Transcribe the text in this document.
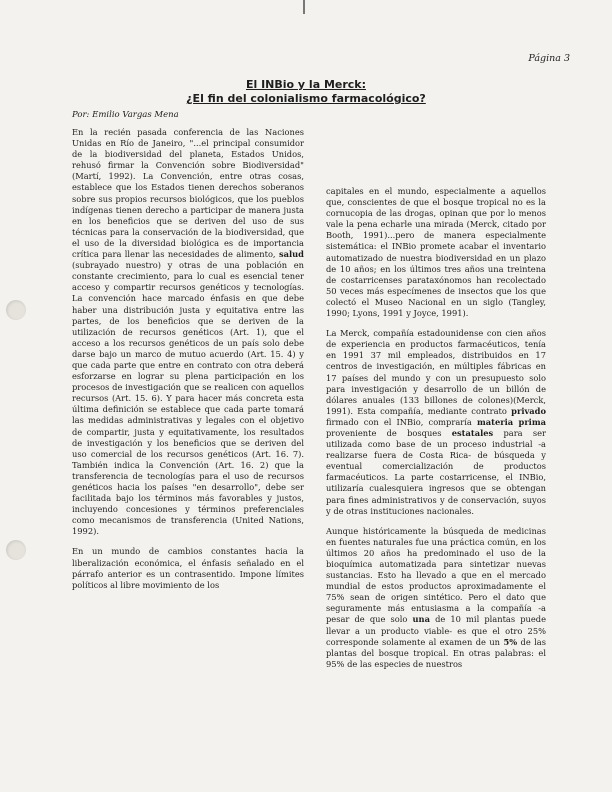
Página 3
El INBio y la Merck:
¿El fin del colonialismo farmacológico?
Por: Emilio Vargas Mena

En la recién pasada conferencia de las Naciones Unidas en Río de Janeiro, "...el principal consumidor de la biodiversidad del planeta, Estados Unidos, rehusó firmar la Convención sobre Biodiversidad" (Martí, 1992). La Convención, entre otras cosas, establece que los Estados tienen derechos soberanos sobre sus propios recursos biológicos, que los pueblos indígenas tienen derecho a participar de manera justa en los beneficios que se deriven del uso de sus técnicas para la conservación de la biodiversidad, que el uso de la diversidad biológica es de importancia crítica para llenar las necesidades de alimento, salud (subrayado nuestro) y otras de una población en constante crecimiento, para lo cual es esencial tener acceso y compartir recursos genéticos y tecnologías. La convención hace marcado énfasis en que debe haber una distribución justa y equitativa entre las partes, de los beneficios que se deriven de la utilización de recursos genéticos (Art. 1), que el acceso a los recursos genéticos de un país solo debe darse bajo un marco de mutuo acuerdo (Art. 15. 4) y que cada parte que entre en contrato con otra deberá esforzarse en lograr su plena participación en los procesos de investigación que se realicen con aquellos recursos (Art. 15. 6). Y para hacer más concreta esta última definición se establece que cada parte tomará las medidas administrativas y legales con el objetivo de compartir, justa y equitativamente, los resultados de investigación y los beneficios que se deriven del uso comercial de los recursos genéticos (Art. 16. 7). También indica la Convención (Art. 16. 2) que la transferencia de tecnologías para el uso de recursos genéticos hacia los países "en desarrollo", debe ser facilitada bajo los términos más favorables y justos, incluyendo concesiones y términos preferenciales como mecanismos de transferencia (United Nations, 1992).

En un mundo de cambios constantes hacia la liberalización económica, el énfasis señalado en el párrafo anterior es un contrasentido. Impone límites políticos al libre movimiento de los

capitales en el mundo, especialmente a aquellos que, conscientes de que el bosque tropical no es la cornucopia de las drogas, opinan que por lo menos vale la pena echarle una mirada (Merck, citado por Booth, 1991)...pero de manera especialmente sistemática: el INBio promete acabar el inventario automatizado de nuestra biodiversidad en un plazo de 10 años; en los últimos tres años una treintena de costarricenses parataxónomos han recolectado 50 veces más especímenes de insectos que los que colectó el Museo Nacional en un siglo (Tangley, 1990; Lyons, 1991 y Joyce, 1991).

La Merck, compañía estadounidense con cien años de experiencia en productos farmacéuticos, tenía en 1991 37 mil empleados, distribuidos en 17 centros de investigación, en múltiples fábricas en 17 países del mundo y con un presupuesto solo para investigación y desarrollo de un billón de dólares anuales (133 billones de colones)(Merck, 1991). Esta compañía, mediante contrato privado firmado con el INBio, compraría materia prima proveniente de bosques estatales para ser utilizada como base de un proceso industrial -a realizarse fuera de Costa Rica- de búsqueda y eventual comercialización de productos farmacéuticos. La parte costarricense, el INBio, utilizaría cualesquiera ingresos que se obtengan para fines administrativos y de conservación, suyos y de otras instituciones nacionales.

Aunque históricamente la búsqueda de medicinas en fuentes naturales fue una práctica común, en los últimos 20 años ha predominado el uso de la bioquímica automatizada para sintetizar nuevas sustancias. Esto ha llevado a que en el mercado mundial de estos productos aproximadamente el 75% sean de origen sintético. Pero el dato que seguramente más entusiasma a la compañía -a pesar de que solo una de 10 mil plantas puede llevar a un producto viable- es que el otro 25% corresponde solamente al examen de un 5% de las plantas del bosque tropical. En otras palabras: el 95% de las especies de nuestros
